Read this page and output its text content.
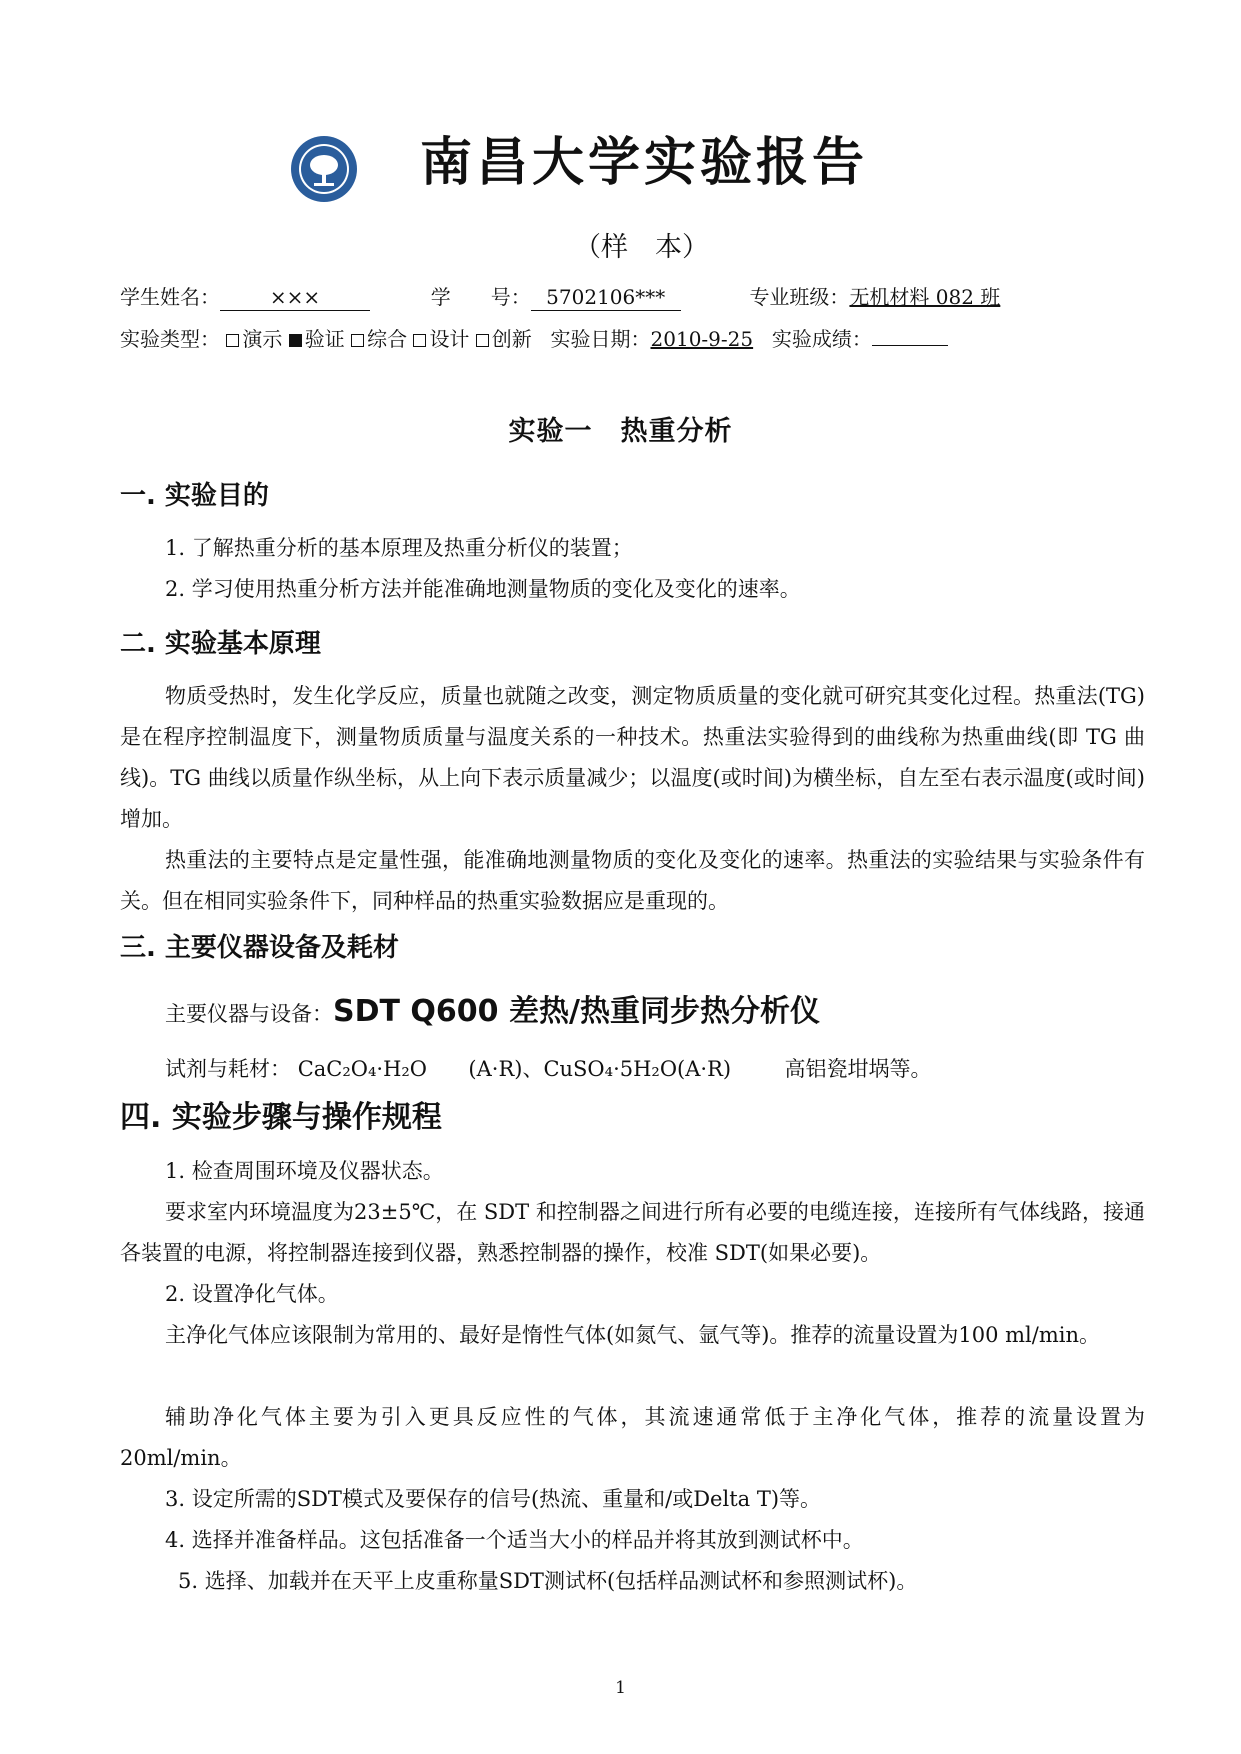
南昌大学实验报告
（样　本）
学生姓名： ×××	学　　号： 5702106***	专业班级：无机材料 082 班
实验类型： 演示 验证 综合 设计 创新 实验日期：2010-9-25 实验成绩：
实验一　热重分析
一. 实验目的
1. 了解热重分析的基本原理及热重分析仪的装置；
2. 学习使用热重分析方法并能准确地测量物质的变化及变化的速率。
二. 实验基本原理
物质受热时，发生化学反应，质量也就随之改变，测定物质质量的变化就可研究其变化过程。热重法(TG)是在程序控制温度下，测量物质质量与温度关系的一种技术。热重法实验得到的曲线称为热重曲线(即 TG 曲线)。TG 曲线以质量作纵坐标，从上向下表示质量减少；以温度(或时间)为横坐标，自左至右表示温度(或时间)增加。
热重法的主要特点是定量性强，能准确地测量物质的变化及变化的速率。热重法的实验结果与实验条件有关。但在相同实验条件下，同种样品的热重实验数据应是重现的。
三. 主要仪器设备及耗材
主要仪器与设备：SDT Q600 差热/热重同步热分析仪
试剂与耗材： CaC₂O₄·H₂O (A·R)、CuSO₄·5H₂O(A·R)	高铝瓷坩埚等。
四. 实验步骤与操作规程
1. 检查周围环境及仪器状态。
要求室内环境温度为23±5℃，在 SDT 和控制器之间进行所有必要的电缆连接，连接所有气体线路，接通各装置的电源，将控制器连接到仪器，熟悉控制器的操作，校准 SDT(如果必要)。
2. 设置净化气体。
主净化气体应该限制为常用的、最好是惰性气体(如氮气、氩气等)。推荐的流量设置为100 ml/min。
辅助净化气体主要为引入更具反应性的气体，其流速通常低于主净化气体，推荐的流量设置为20ml/min。
3. 设定所需的SDT模式及要保存的信号(热流、重量和/或Delta T)等。
4. 选择并准备样品。这包括准备一个适当大小的样品并将其放到测试杯中。
5. 选择、加载并在天平上皮重称量SDT测试杯(包括样品测试杯和参照测试杯)。
1
